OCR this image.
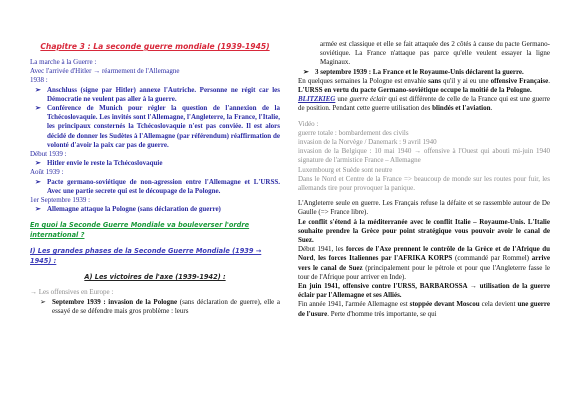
Chapitre 3 : La seconde guerre mondiale (1939-1945)
La marche à la Guerre :
Avec l'arrivée d'Hitler → réarmement de l'Allemagne
1938 :
➢ Anschluss (signe par Hitler) annexe l'Autriche. Personne ne régit car les Démocratie ne veulent pas aller à la guerre.
➢ Conférence de Munich pour régler la question de l'annexion de la Tchécoslovaquie. Les invités sont l'Allemagne, l'Angleterre, la France, l'Italie, les principaux consternés la Tchécoslovaquie n'est pas conviée. Il est alors décidé de donner les Sudètes à l'Allemagne (par référendum) réaffirmation de volonté d'avoir la paix car pas de guerre.
Début 1939 :
➢ Hitler envie le reste la Tchécoslovaquie
Août 1939 :
➢ Pacte germano-soviétique de non-agression entre l'Allemagne et L'URSS. Avec une partie secrete qui est le découpage de la Pologne.
1er Septembre 1939 :
➢ Allemagne attaque la Pologne (sans déclaration de guerre)
En quoi la Seconde Guerre Mondiale va bouleverser l'ordre international ?
I) Les grandes phases de la Seconde Guerre Mondiale (1939 → 1945) :
A) Les victoires de l'axe (1939-1942) :
→ Les offensives en Europe :
➢ Septembre 1939 : invasion de la Pologne (sans déclaration de guerre), elle a essayé de se défendre mais gros problème : leurs
armée est classique et elle se fait attaquée des 2 côtés à cause du pacte Germano-soviétique. La France n'attaque pas parce qu'elle veulent essayer la ligne Maginaux.
➢ 3 septembre 1939 : La France et le Royaume-Unis déclarent la guerre.
En quelques semaines la Pologne est envahie sans qu'il y ai eu une offensive Française. L'URSS en vertu du pacte Germano-soviétique occupe la moitié de la Pologne.
BLITZKIEG une guerre éclair qui est différente de celle de la France qui est une guerre de position. Pendant cette guerre utilisation des blindés et l'aviation.
Vidéo :
guerre totale : bombardement des civils
invasion de la Norvège / Danemark : 9 avril 1940
invasion de la Belgique : 10 mai 1940 → offensive à l'Ouest qui abouti mi-juin 1940 signature de l'armistice France – Allemagne
Luxembourg et Suède sont neutre
Dans le Nord et Centre de la France => beaucoup de monde sur les routes pour fuir, les allemands tire pour provoquer la panique.
L'Angleterre seule en guerre. Les Français refuse la défaite et se rassemble autour de De Gaulle (=> France libre).
Le conflit s'étend à la méditerranée avec le conflit Italie – Royaume-Unis. L'Italie souhaite prendre la Grèce pour point stratégique vous pouvoir avoir le canal de Suez.
Début 1941, les forces de l'Axe prennent le contrôle de la Grèce et de l'Afrique du Nord, les forces Italiennes par l'AFRIKA KORPS (commandé par Rommel) arrive vers le canal de Suez (principalement pour le pétrole et pour que l'Angleterre fasse le tour de l'Afrique pour arriver en Inde).
En juin 1941, offensive contre l'URSS, BARBAROSSA → utilisation de la guerre éclair par l'Allemagne et ses Alliés.
Fin année 1941, l'armée Allemagne est stoppée devant Moscou cela devient une guerre de l'usure. Perte d'homme très importante, se qui
